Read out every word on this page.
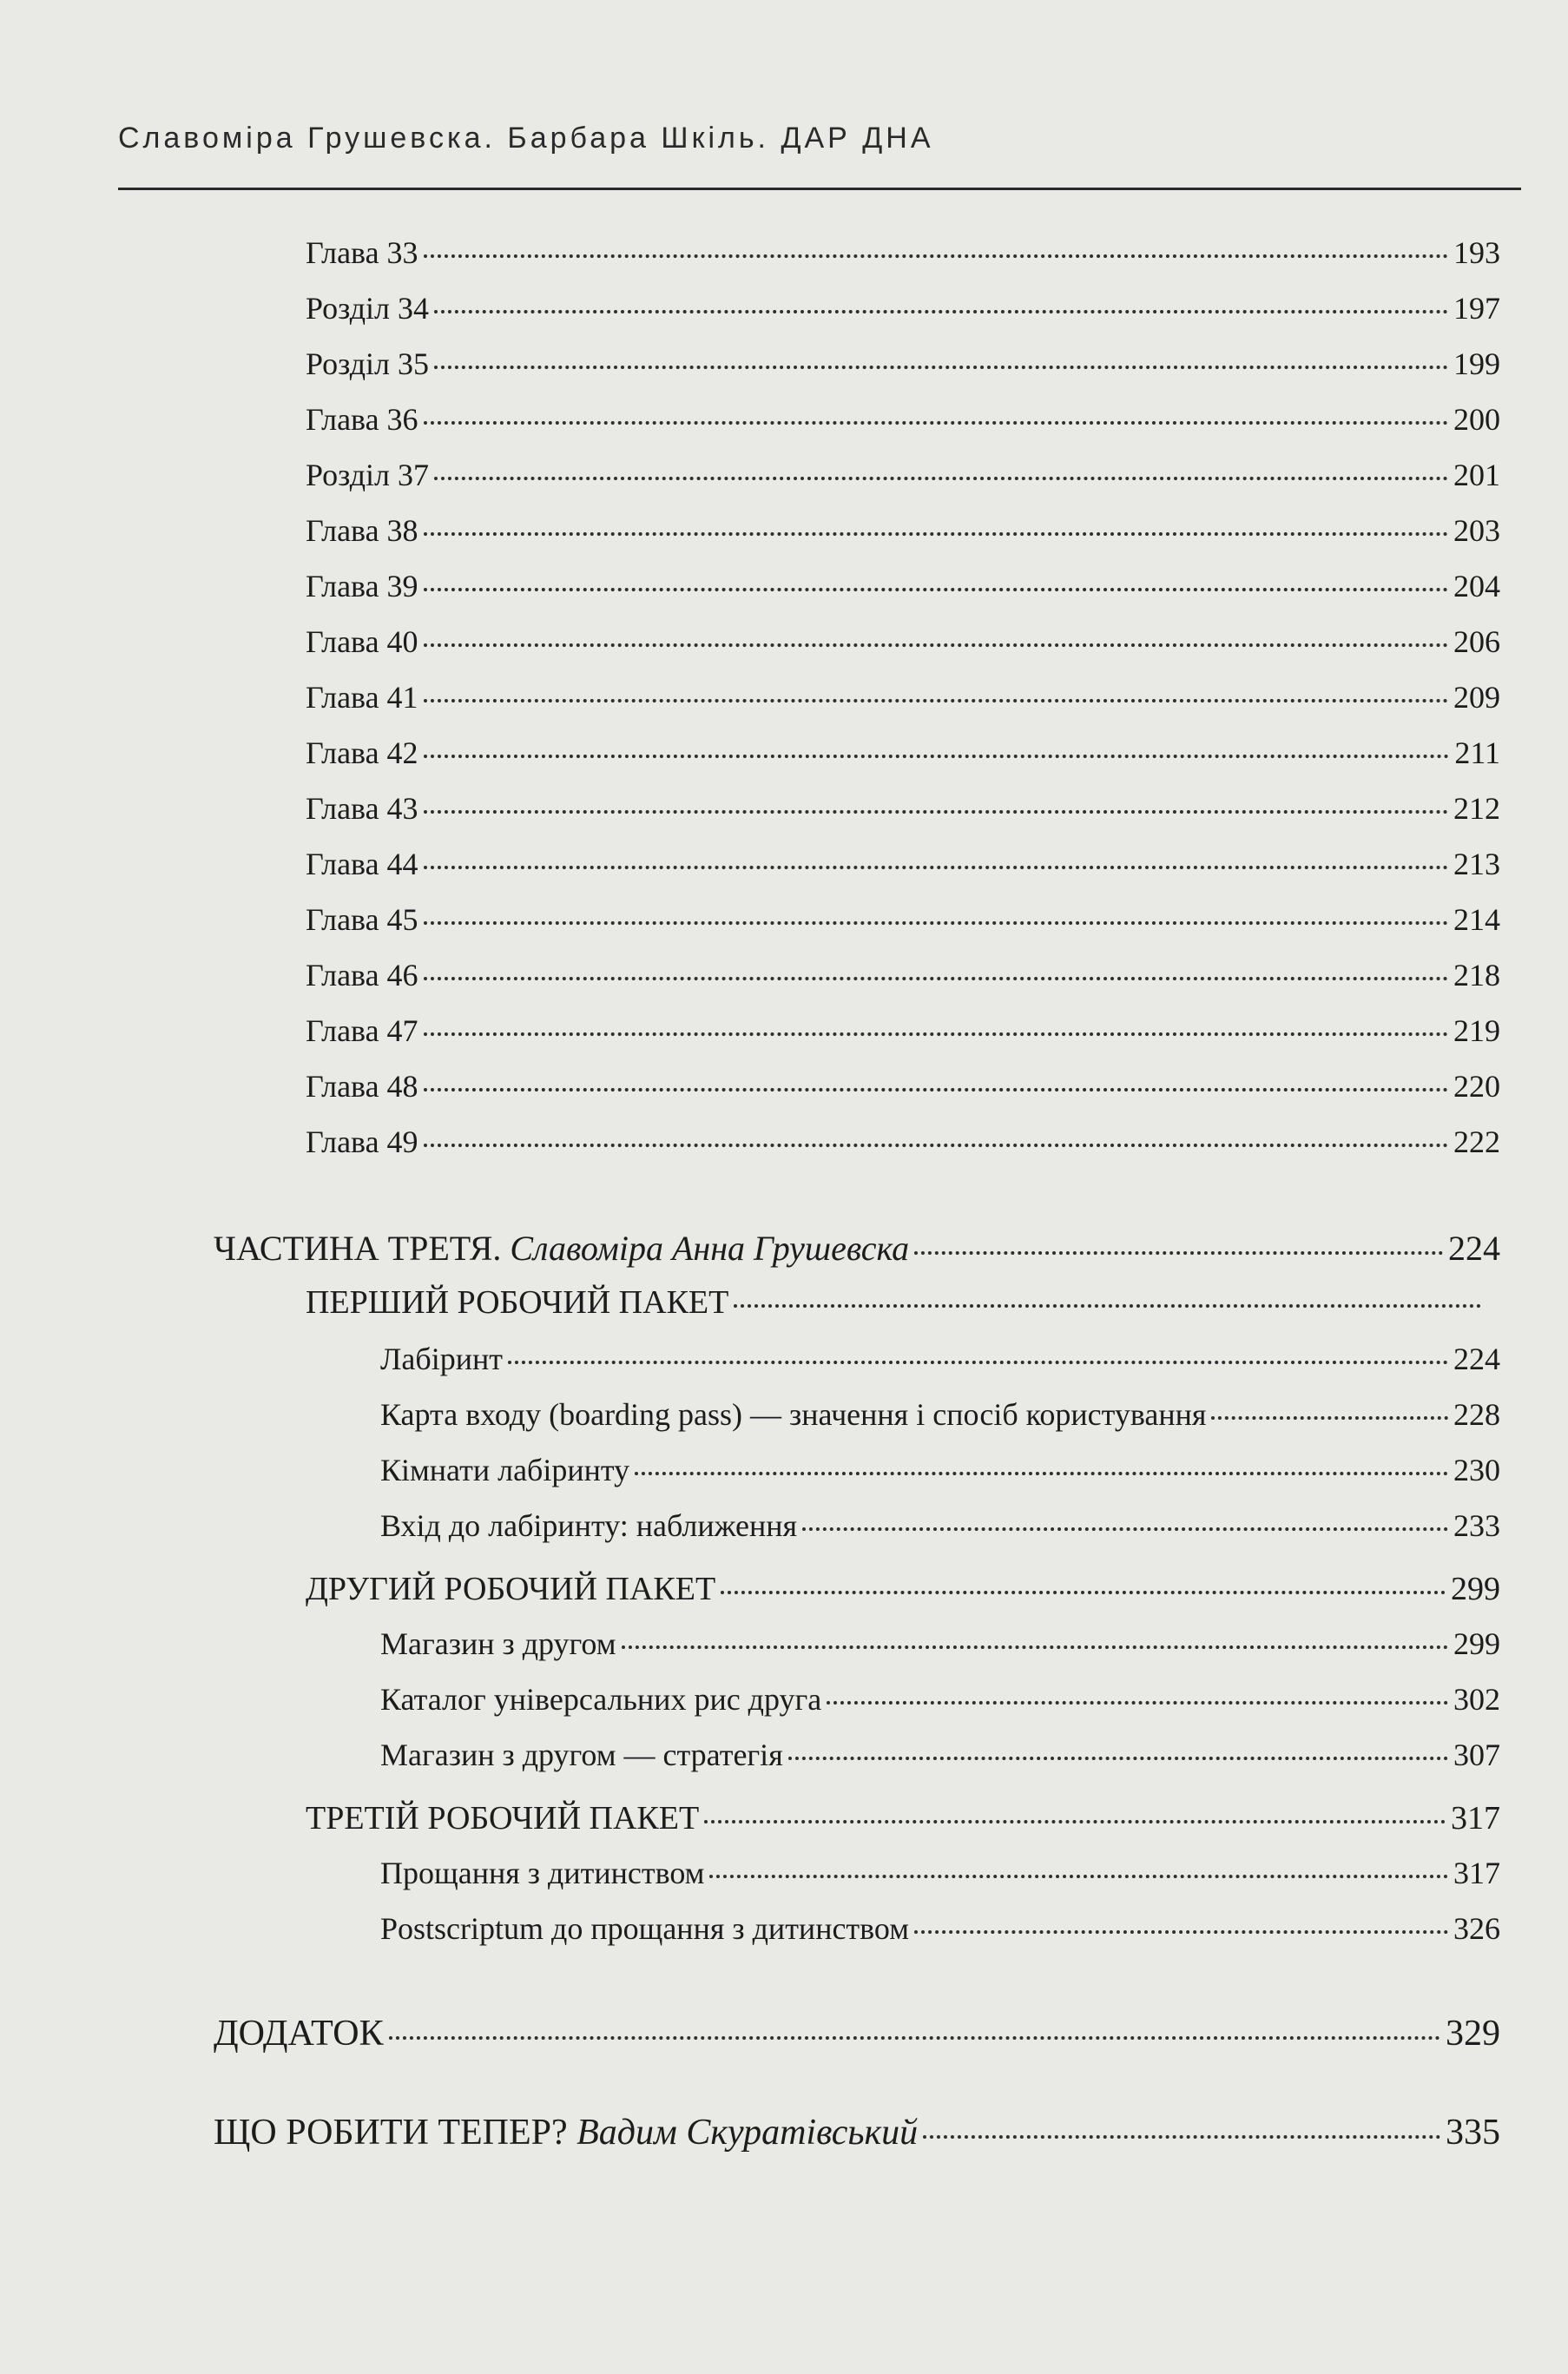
Славоміра Грушевска. Барбара Шкіль. ДАР ДНА
Глава 33	193
Розділ 34	197
Розділ 35	199
Глава 36	200
Розділ 37	201
Глава 38	203
Глава 39	204
Глава 40	206
Глава 41	209
Глава 42	211
Глава 43	212
Глава 44	213
Глава 45	214
Глава 46	218
Глава 47	219
Глава 48	220
Глава 49	222
ЧАСТИНА ТРЕТЯ. Славоміра Анна Грушевска	224
ПЕРШИЙ РОБОЧИЙ ПАКЕТ
Лабіринт	224
Карта входу (boarding pass) — значення і спосіб користування	228
Кімнати лабіринту	230
Вхід до лабіринту: наближення	233
ДРУГИЙ РОБОЧИЙ ПАКЕТ	299
Магазин з другом	299
Каталог універсальних рис друга	302
Магазин з другом — стратегія	307
ТРЕТІЙ РОБОЧИЙ ПАКЕТ	317
Прощання з дитинством	317
Postscriptum до прощання з дитинством	326
ДОДАТОК	329
ЩО РОБИТИ ТЕПЕР? Вадим Скуратівський	335
